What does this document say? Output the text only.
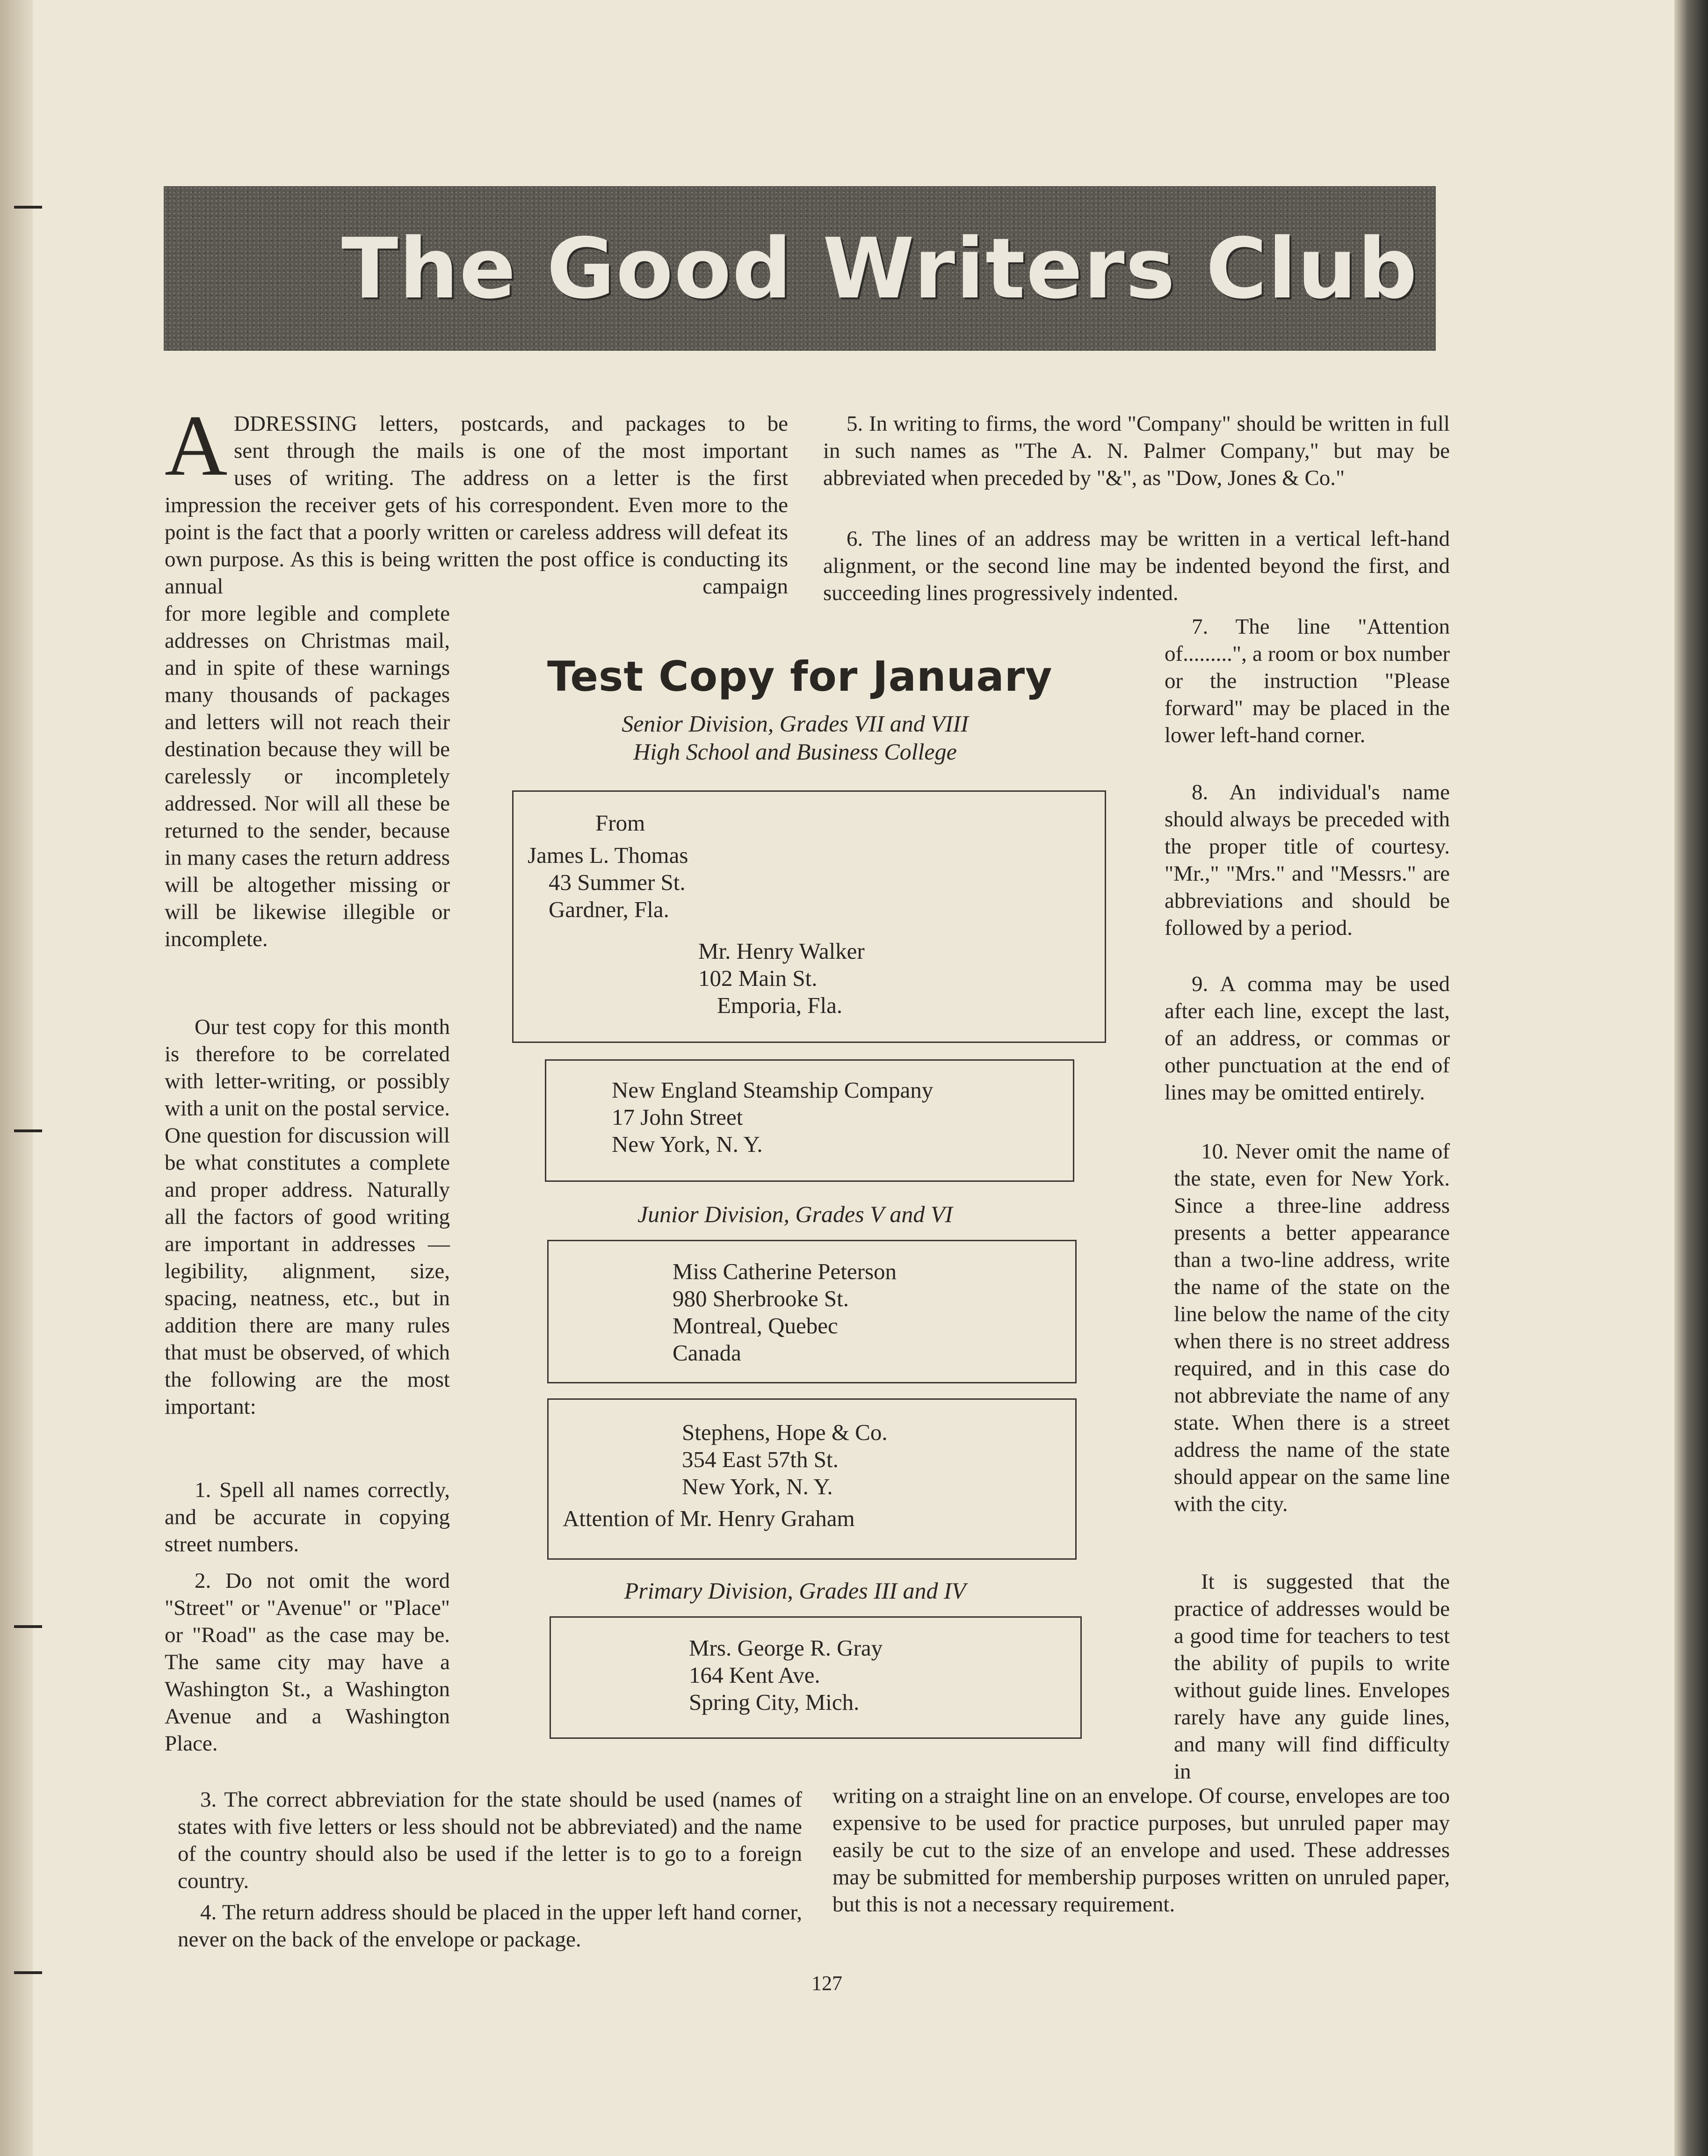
The Good Writers Club
A DDRESSING letters, postcards, and packages to be

sent through the mails is one of the most important

uses of writing. The address on a letter is the first

impression the receiver gets of his correspondent. Even more to the point is the fact that a poorly written or careless address will defeat its own purpose. As this is being written the post office is conducting its annual campaign

for more legible and complete addresses on Christmas mail, and in spite of these warnings many thousands of packages and letters will not reach their destination because they will be carelessly or incompletely addressed. Nor will all these be returned to the sender, because in many cases the return address will be altogether missing or will be likewise illegible or incomplete.

Our test copy for this month is therefore to be correlated with letter-writing, or possibly with a unit on the postal service. One question for discussion will be what constitutes a complete and proper address. Naturally all the factors of good writing are important in addresses — legibility, alignment, size, spacing, neatness, etc., but in addition there are many rules that must be observed, of which the following are the most important:

1. Spell all names correctly, and be accurate in copying street numbers.

2. Do not omit the word "Street" or "Avenue" or "Place" or "Road" as the case may be. The same city may have a Washington St., a Washington Avenue and a Washington Place.

3. The correct abbreviation for the state should be used (names of states with five letters or less should not be abbreviated) and the name of the country should also be used if the letter is to go to a foreign country.

4. The return address should be placed in the upper left hand corner, never on the back of the envelope or package.

5. In writing to firms, the word "Company" should be written in full in such names as "The A. N. Palmer Company," but may be abbreviated when preceded by "&", as "Dow, Jones & Co."

6. The lines of an address may be written in a vertical left-hand alignment, or the second line may be indented beyond the first, and succeeding lines progressively indented.

7. The line "Attention of.........", a room or box number or the instruction "Please forward" may be placed in the lower left-hand corner.

8. An individual's name should always be preceded with the proper title of courtesy. "Mr.," "Mrs." and "Messrs." are abbreviations and should be followed by a period.

9. A comma may be used after each line, except the last, of an address, or commas or other punctuation at the end of lines may be omitted entirely.

10. Never omit the name of the state, even for New York. Since a three-line address presents a better appearance than a two-line address, write the name of the state on the line below the name of the city when there is no street address required, and in this case do not abbreviate the name of any state. When there is a street address the name of the state should appear on the same line with the city.

It is suggested that the practice of addresses would be a good time for teachers to test the ability of pupils to write without guide lines. Envelopes rarely have any guide lines, and many will find difficulty in

writing on a straight line on an envelope. Of course, envelopes are too expensive to be used for practice purposes, but unruled paper may easily be cut to the size of an envelope and used. These addresses may be submitted for membership purposes written on unruled paper, but this is not a necessary requirement.

Test Copy for January

Senior Division, Grades VII and VIII

High School and Business College

From

James L. Thomas

43 Summer St.

Gardner, Fla.

Mr. Henry Walker

102 Main St.

Emporia, Fla.

New England Steamship Company

17 John Street

New York, N. Y.

Junior Division, Grades V and VI

Miss Catherine Peterson

980 Sherbrooke St.

Montreal, Quebec

Canada

Stephens, Hope & Co.

354 East 57th St.

New York, N. Y.

Attention of Mr. Henry Graham

Primary Division, Grades III and IV

Mrs. George R. Gray

164 Kent Ave.

Spring City, Mich.

127
